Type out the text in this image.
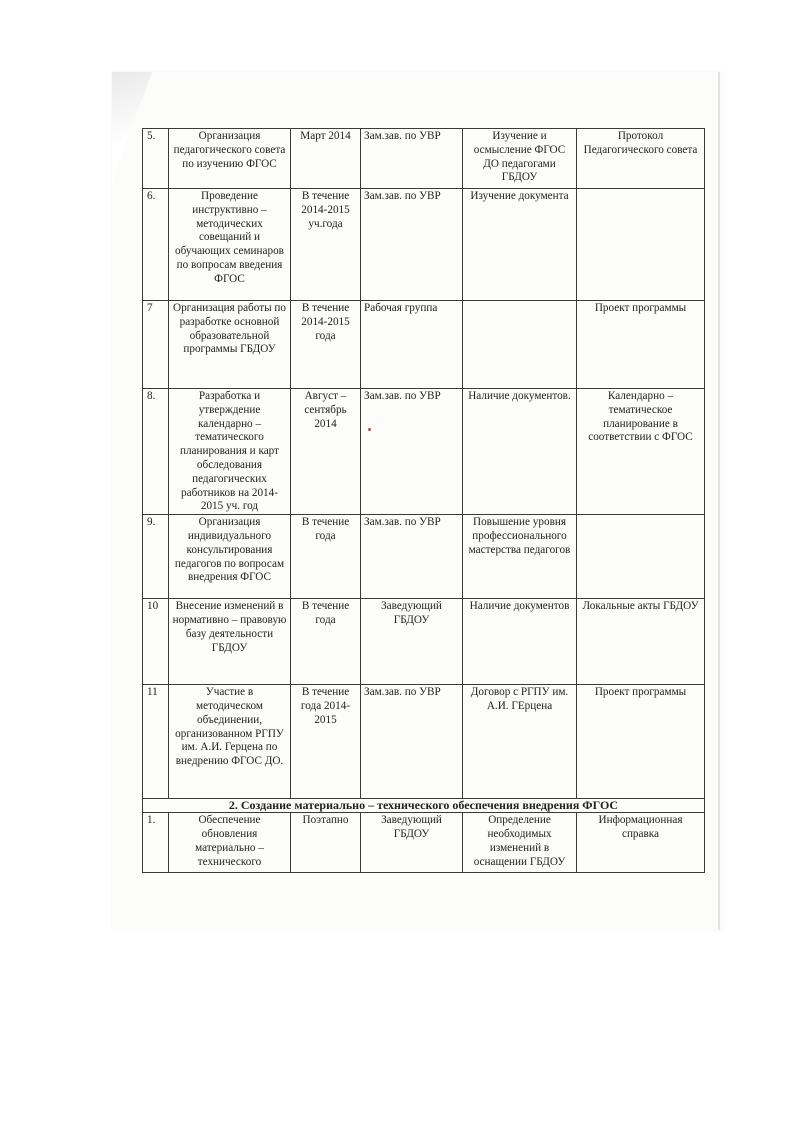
5.	Организация педагогического совета по изучению ФГОС	Март 2014	Зам.зав. по УВР	Изучение и осмысление ФГОС ДО педагогами ГБДОУ	Протокол Педагогического совета
6.	Проведение инструктивно – методических совещаний и обучающих семинаров по вопросам введения ФГОС	В течение 2014-2015 уч.года	Зам.зав. по УВР	Изучение документа	
7	Организация работы по разработке основной образовательной программы ГБДОУ	В течение 2014-2015 года	Рабочая группа		Проект программы
8.	Разработка и утверждение календарно – тематического планирования и карт обследования педагогических работников на 2014-2015 уч. год	Август – сентябрь 2014	Зам.зав. по УВР	Наличие документов.	Календарно – тематическое планирование в соответствии с ФГОС
9.	Организация индивидуального консультирования педагогов по вопросам внедрения ФГОС	В течение года	Зам.зав. по УВР	Повышение уровня профессионального мастерства педагогов	
10	Внесение изменений в нормативно – правовую базу деятельности ГБДОУ	В течение года	Заведующий ГБДОУ	Наличие документов	Локальные акты ГБДОУ
11	Участие в методическом объединении, организованном РГПУ им. А.И. Герцена по внедрению ФГОС ДО.	В течение года 2014-2015	Зам.зав. по УВР	Договор с РГПУ им. А.И. ГЕрцена	Проект программы
2. Создание материально – технического обеспечения внедрения ФГОС					
1.	Обеспечение обновления материально – технического	Поэтапно	Заведующий ГБДОУ	Определение необходимых изменений в оснащении ГБДОУ	Информационная справка
